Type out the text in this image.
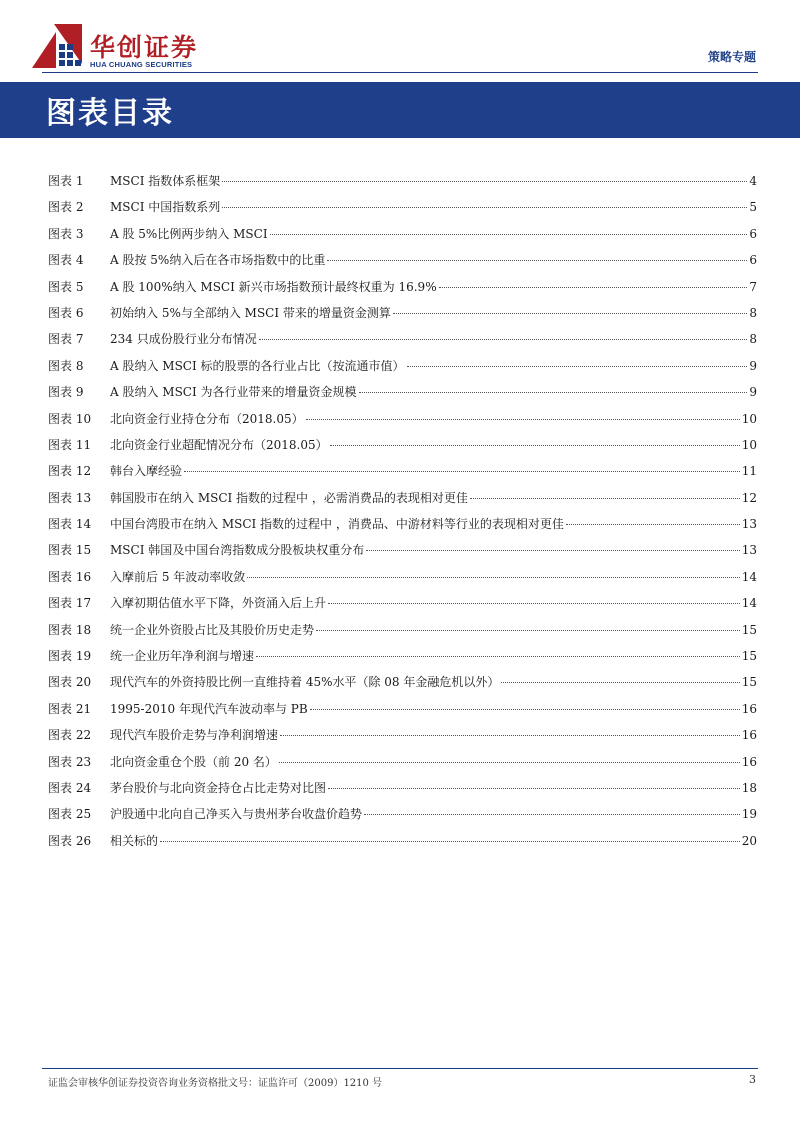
华创证券
HUA CHUANG SECURITIES
策略专题
图表目录
图表 1	MSCI 指数体系框架	4
图表 2	MSCI 中国指数系列	5
图表 3	A 股 5%比例两步纳入 MSCI	6
图表 4	A 股按 5%纳入后在各市场指数中的比重	6
图表 5	A 股 100%纳入 MSCI 新兴市场指数预计最终权重为 16.9%	7
图表 6	初始纳入 5%与全部纳入 MSCI 带来的增量资金测算	8
图表 7	234 只成份股行业分布情况	8
图表 8	A 股纳入 MSCI 标的股票的各行业占比（按流通市值）	9
图表 9	A 股纳入 MSCI 为各行业带来的增量资金规模	9
图表 10	北向资金行业持仓分布（2018.05）	10
图表 11	北向资金行业超配情况分布（2018.05）	10
图表 12	韩台入摩经验	11
图表 13	韩国股市在纳入 MSCI 指数的过程中 ，必需消费品的表现相对更佳	12
图表 14	中国台湾股市在纳入 MSCI 指数的过程中 ，消费品、中游材料等行业的表现相对更佳	13
图表 15	MSCI 韩国及中国台湾指数成分股板块权重分布	13
图表 16	入摩前后 5 年波动率收敛	14
图表 17	入摩初期估值水平下降，外资涌入后上升	14
图表 18	统一企业外资股占比及其股价历史走势	15
图表 19	统一企业历年净利润与增速	15
图表 20	现代汽车的外资持股比例一直维持着 45%水平（除 08 年金融危机以外）	15
图表 21	1995-2010 年现代汽车波动率与 PB	16
图表 22	现代汽车股价走势与净利润增速	16
图表 23	北向资金重仓个股（前 20 名）	16
图表 24	茅台股价与北向资金持仓占比走势对比图	18
图表 25	沪股通中北向自己净买入与贵州茅台收盘价趋势	19
图表 26	相关标的	20
证监会审核华创证券投资咨询业务资格批文号：证监许可（2009）1210 号	3
